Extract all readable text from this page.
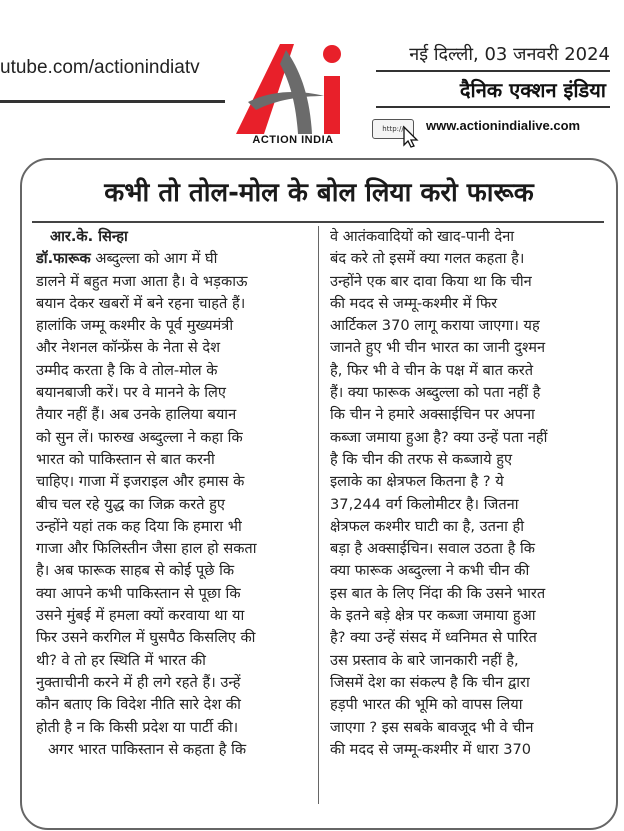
utube.com/actionindiatv
ACTION INDIA
नई दिल्ली, 03 जनवरी 2024
दैनिक एक्शन इंडिया
http://	www.actionindialive.com
कभी तो तोल-मोल के बोल लिया करो फारूक
आर.के. सिन्हा
डॉ.फारूक अब्दुल्ला को आग में घी
डालने में बहुत मजा आता है। वे भड़काऊ
बयान देकर खबरों में बने रहना चाहते हैं।
हालांकि जम्मू कश्मीर के पूर्व मुख्यमंत्री
और नेशनल कॉन्फ्रेंस के नेता से देश
उम्मीद करता है कि वे तोल-मोल के
बयानबाजी करें। पर वे मानने के लिए
तैयार नहीं हैं। अब उनके हालिया बयान
को सुन लें। फारुख अब्दुल्ला ने कहा कि
भारत को पाकिस्तान से बात करनी
चाहिए। गाजा में इजराइल और हमास के
बीच चल रहे युद्ध का जिक्र करते हुए
उन्होंने यहां तक कह दिया कि हमारा भी
गाजा और फिलिस्तीन जैसा हाल हो सकता
है। अब फारूक साहब से कोई पूछे कि
क्या आपने कभी पाकिस्तान से पूछा कि
उसने मुंबई में हमला क्यों करवाया था या
फिर उसने करगिल में घुसपैठ किसलिए की
थी? वे तो हर स्थिति में भारत की
नुक्ताचीनी करने में ही लगे रहते हैं। उन्हें
कौन बताए कि विदेश नीति सारे देश की
होती है न कि किसी प्रदेश या पार्टी की।
अगर भारत पाकिस्तान से कहता है कि
वे आतंकवादियों को खाद-पानी देना
बंद करे तो इसमें क्या गलत कहता है।
उन्होंने एक बार दावा किया था कि चीन
की मदद से जम्मू-कश्मीर में फिर
आर्टिकल 370 लागू कराया जाएगा। यह
जानते हुए भी चीन भारत का जानी दुश्मन
है, फिर भी वे चीन के पक्ष में बात करते
हैं। क्या फारूक अब्दुल्ला को पता नहीं है
कि चीन ने हमारे अक्साईचिन पर अपना
कब्जा जमाया हुआ है? क्या उन्हें पता नहीं
है कि चीन की तरफ से कब्जाये हुए
इलाके का क्षेत्रफल कितना है ? ये
37,244 वर्ग किलोमीटर है। जितना
क्षेत्रफल कश्मीर घाटी का है, उतना ही
बड़ा है अक्साईचिन। सवाल उठता है कि
क्या फारूक अब्दुल्ला ने कभी चीन की
इस बात के लिए निंदा की कि उसने भारत
के इतने बड़े क्षेत्र पर कब्जा जमाया हुआ
है? क्या उन्हें संसद में ध्वनिमत से पारित
उस प्रस्ताव के बारे जानकारी नहीं है,
जिसमें देश का संकल्प है कि चीन द्वारा
हड़पी भारत की भूमि को वापस लिया
जाएगा ? इस सबके बावजूद भी वे चीन
की मदद से जम्मू-कश्मीर में धारा 370
